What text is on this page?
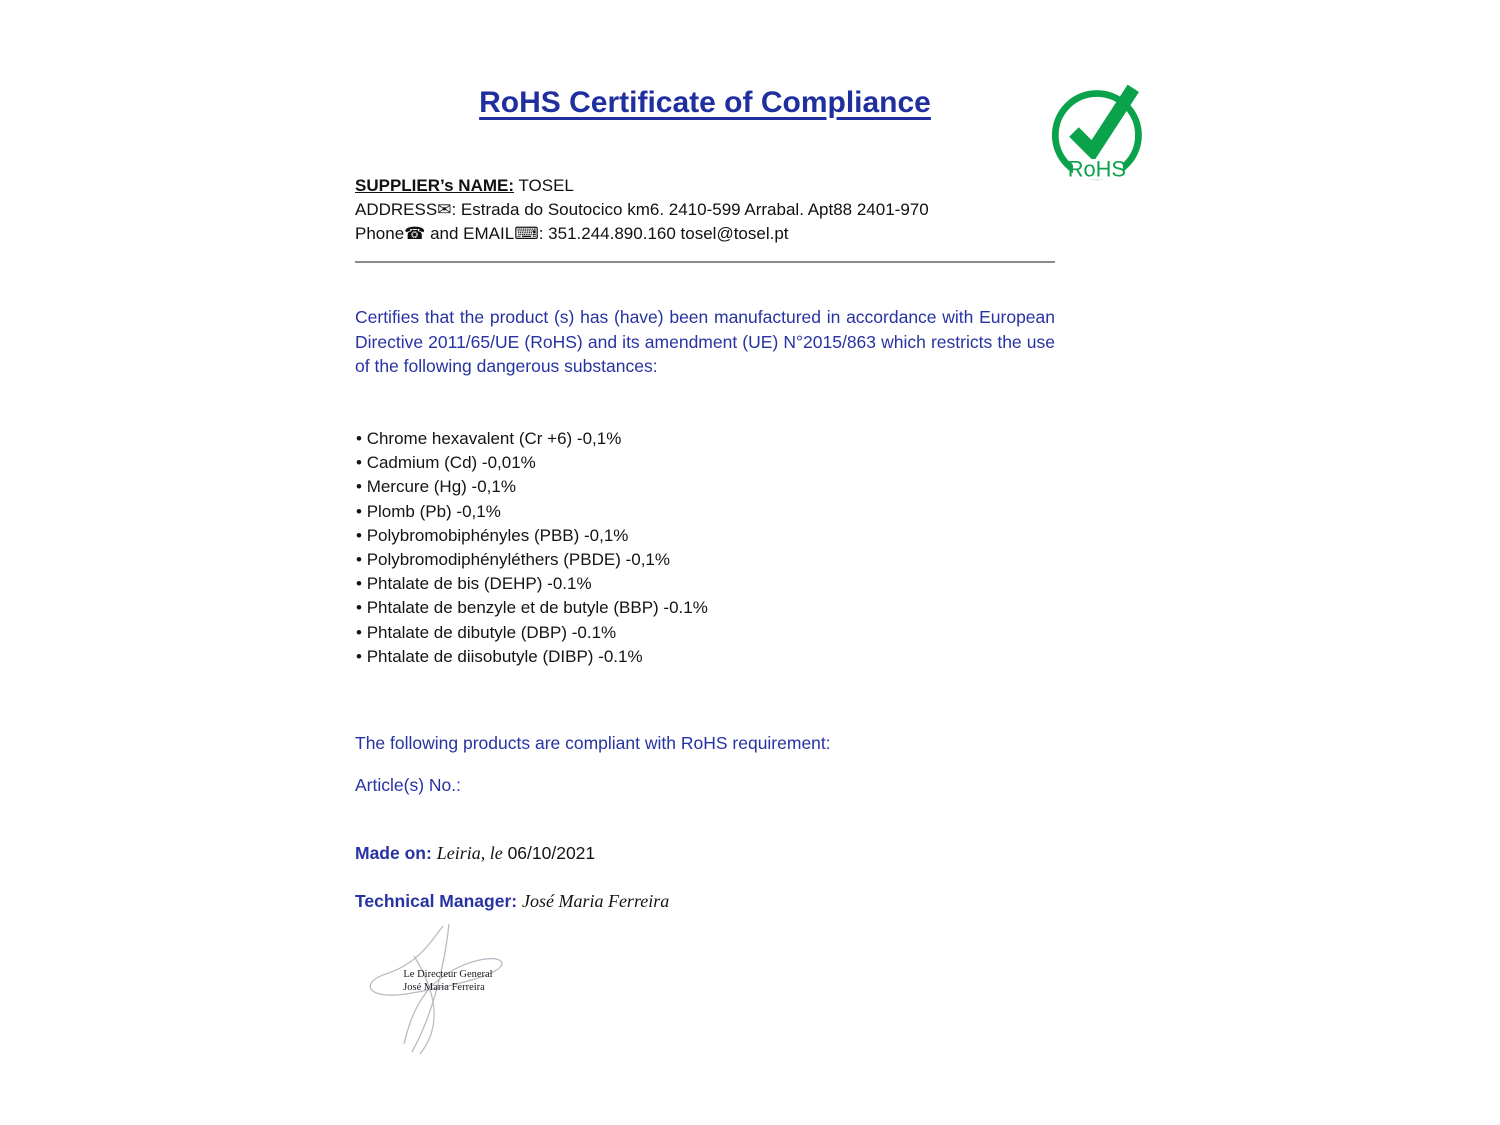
RoHS Certificate of Compliance
RoHS
SUPPLIER’s NAME: TOSEL
ADDRESS✉: Estrada do Soutocico km6. 2410-599 Arrabal. Apt88 2401-970
Phone☎ and EMAIL⌨: 351.244.890.160 tosel@tosel.pt

Certifies that the product (s) has (have) been manufactured in accordance with European Directive 2011/65/UE (RoHS) and its amendment (UE) N°2015/863 which restricts the use of the following dangerous substances:

• Chrome hexavalent (Cr +6) -0,1%
• Cadmium (Cd) -0,01%
• Mercure (Hg) -0,1%
• Plomb (Pb) -0,1%
• Polybromobiphényles (PBB) -0,1%
• Polybromodiphényléthers (PBDE) -0,1%
• Phtalate de bis (DEHP) -0.1%
• Phtalate de benzyle et de butyle (BBP) -0.1%
• Phtalate de dibutyle (DBP) -0.1%
• Phtalate de diisobutyle (DIBP) -0.1%

The following products are compliant with RoHS requirement:

Article(s) No.:

Made on: Leiria, le 06/10/2021

Technical Manager: José Maria Ferreira

Le Directeur General
José Maria Ferreira
